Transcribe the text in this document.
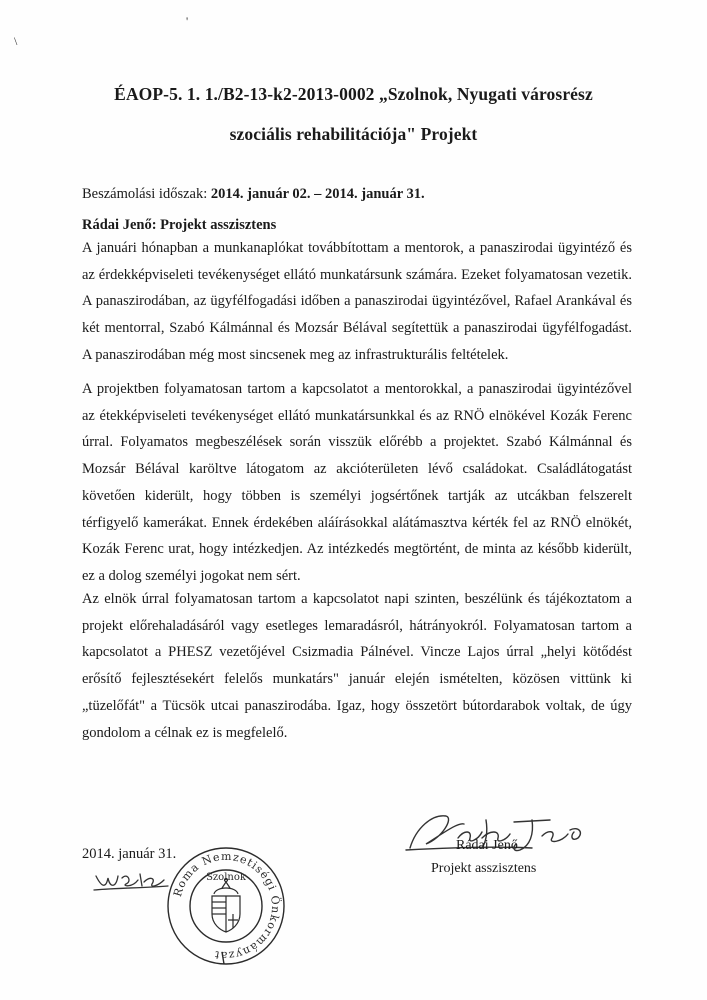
\
'
ÉAOP-5. 1. 1./B2-13-k2-2013-0002 „Szolnok, Nyugati városrész
szociális rehabilitációja" Projekt
Beszámolási időszak: 2014. január 02. – 2014. január 31.
Rádai Jenő: Projekt asszisztens
A januári hónapban a munkanaplókat továbbítottam a mentorok, a panaszirodai ügyintéző és
az érdekképviseleti tevékenységet ellátó munkatársunk számára. Ezeket folyamatosan vezetik.
A panaszirodában, az ügyfélfogadási időben a panaszirodai ügyintézővel, Rafael Arankával és
két mentorral, Szabó Kálmánnal és Mozsár Bélával segítettük a panaszirodai ügyfélfogadást.
A panaszirodában még most sincsenek meg az infrastrukturális feltételek.
A projektben folyamatosan tartom a kapcsolatot a mentorokkal, a panaszirodai ügyintézővel
az étekképviseleti tevékenységet ellátó munkatársunkkal és az RNÖ elnökével Kozák Ferenc
úrral. Folyamatos megbeszélések során visszük előrébb a projektet. Szabó Kálmánnal és
Mozsár Bélával karöltve látogatom az akcióterületen lévő családokat. Családlátogatást
követően kiderült, hogy többen is személyi jogsértőnek tartják az utcákban felszerelt
térfigyelő kamerákat. Ennek érdekében aláírásokkal alátámasztva kérték fel az RNÖ elnökét,
Kozák Ferenc urat, hogy intézkedjen. Az intézkedés megtörtént, de minta az később kiderült,
ez a dolog személyi jogokat nem sért.
Az elnök úrral folyamatosan tartom a kapcsolatot napi szinten, beszélünk és tájékoztatom a
projekt előrehaladásáról vagy esetleges lemaradásról, hátrányokról. Folyamatosan tartom a
kapcsolatot a PHESZ vezetőjével Csizmadia Pálnével. Vincze Lajos úrral „helyi kötődést
erősítő fejlesztésekért felelős munkatárs" január elején ismételten, közösen vittünk ki
„tüzelőfát" a Tücsök utcai panaszirodába. Igaz, hogy összetört bútordarabok voltak, de úgy
gondolom a célnak ez is megfelelő.
Roma Nemzetiségi Önkormányzat
Szolnok
2014. január 31.
Rádai Jenő
Projekt asszisztens
